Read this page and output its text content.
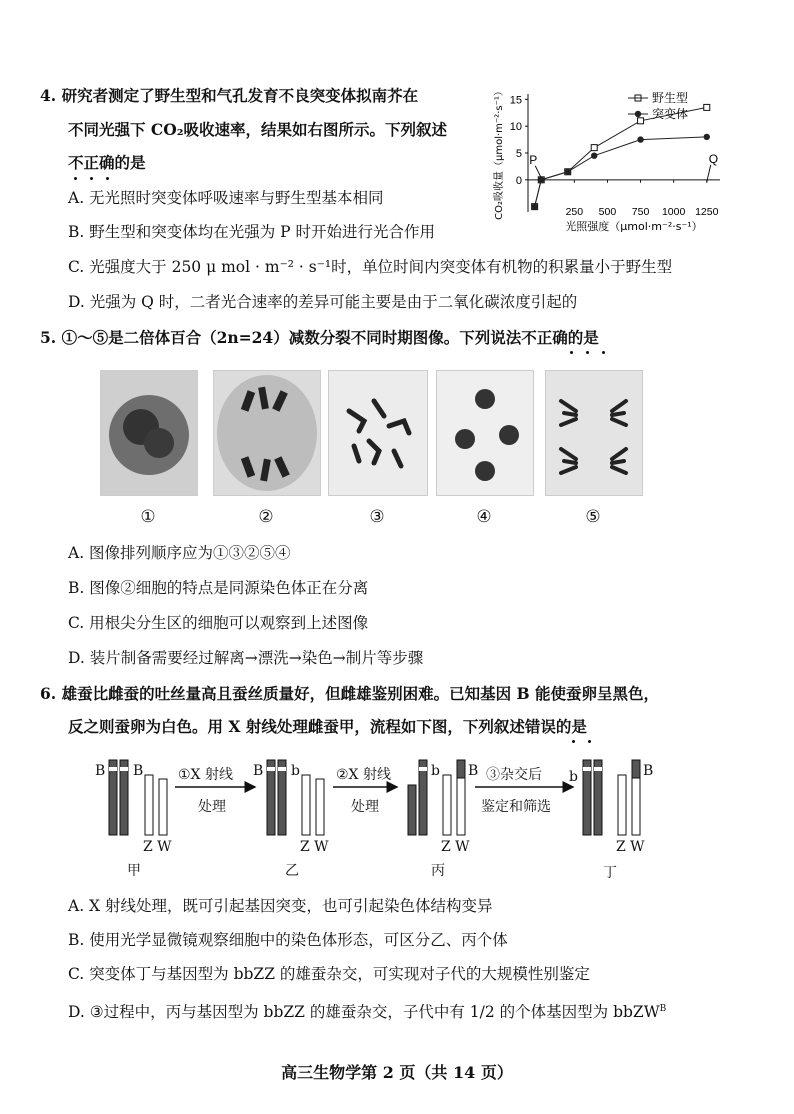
4. 研究者测定了野生型和气孔发育不良突变体拟南芥在
不同光强下 CO₂吸收速率，结果如右图所示。下列叙述
不正确的是
A. 无光照时突变体呼吸速率与野生型基本相同
B. 野生型和突变体均在光强为 P 时开始进行光合作用
C. 光强度大于 250 μ mol · m⁻² · s⁻¹时，单位时间内突变体有机物的积累量小于野生型
D. 光强为 Q 时，二者光合速率的差异可能主要是由于二氧化碳浓度引起的
0
5
10
15
250 500 750 1000 1250
光照强度（μmol·m⁻²·s⁻¹）
CO₂吸收量（μmol·m⁻²·s⁻¹）	野生型
突变体
P	Q
5. ①～⑤是二倍体百合（2n=24）减数分裂不同时期图像。下列说法不正确的是
①	②	③	④	⑤
A. 图像排列顺序应为①③②⑤④
B. 图像②细胞的特点是同源染色体正在分离
C. 用根尖分生区的细胞可以观察到上述图像
D. 装片制备需要经过解离→漂洗→染色→制片等步骤
6. 雄蚕比雌蚕的吐丝量高且蚕丝质量好，但雌雄鉴别困难。已知基因 B 能使蚕卵呈黑色，
反之则蚕卵为白色。用 X 射线处理雌蚕甲，流程如下图，下列叙述错误的是
B B	B b	b B	b	B
①X 射线
处理
②X 射线
处理
③杂交后
鉴定和筛选
Z W	Z W	Z W	Z W
甲	乙	丙	丁
A. X 射线处理，既可引起基因突变，也可引起染色体结构变异
B. 使用光学显微镜观察细胞中的染色体形态，可区分乙、丙个体
C. 突变体丁与基因型为 bbZZ 的雄蚕杂交，可实现对子代的大规模性别鉴定
D. ③过程中，丙与基因型为 bbZZ 的雄蚕杂交，子代中有 1/2 的个体基因型为 bbZW$^B$
高三生物学第 2 页（共 14 页）
